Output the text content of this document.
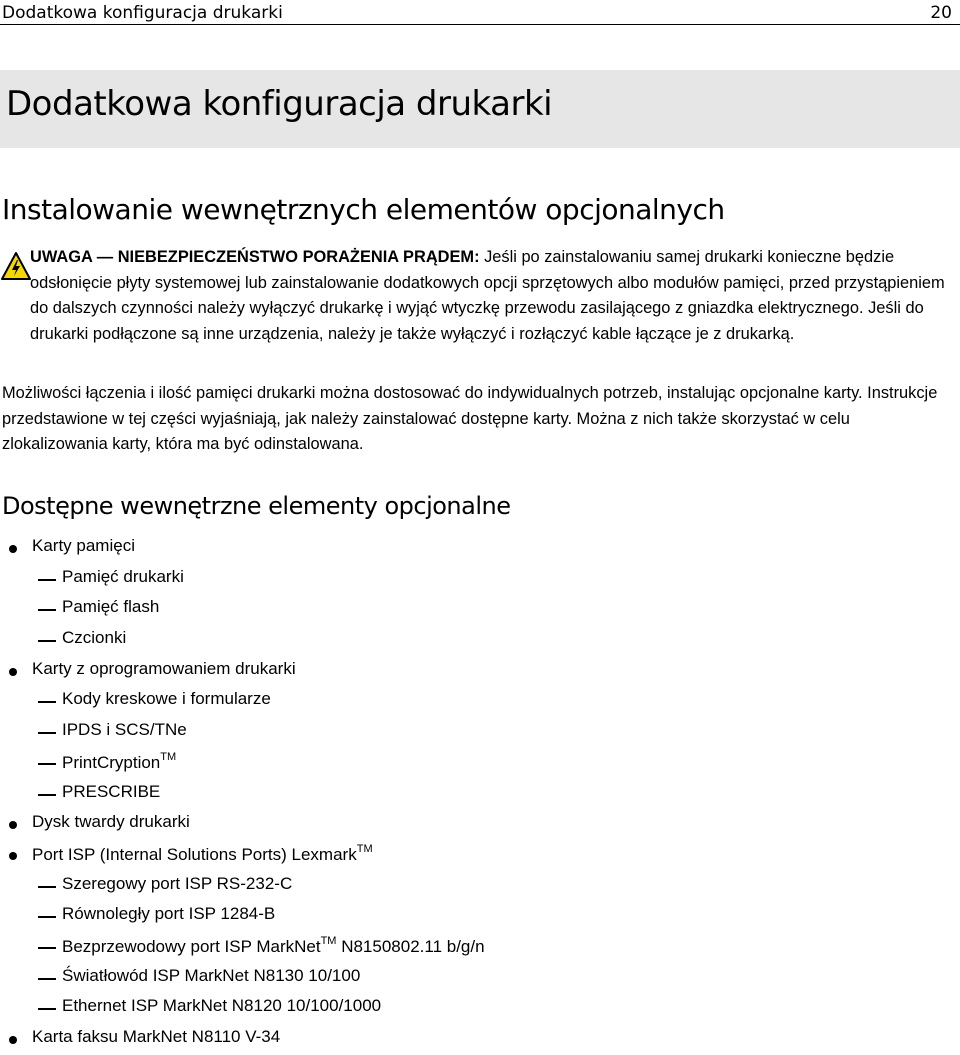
Dodatkowa konfiguracja drukarki	20
Dodatkowa konfiguracja drukarki
Instalowanie wewnętrznych elementów opcjonalnych
UWAGA — NIEBEZPIECZEŃSTWO PORAŻENIA PRĄDEM: Jeśli po zainstalowaniu samej drukarki konieczne będzie odsłonięcie płyty systemowej lub zainstalowanie dodatkowych opcji sprzętowych albo modułów pamięci, przed przystąpieniem do dalszych czynności należy wyłączyć drukarkę i wyjąć wtyczkę przewodu zasilającego z gniazdka elektrycznego. Jeśli do drukarki podłączone są inne urządzenia, należy je także wyłączyć i rozłączyć kable łączące je z drukarką.
Możliwości łączenia i ilość pamięci drukarki można dostosować do indywidualnych potrzeb, instalując opcjonalne karty. Instrukcje przedstawione w tej części wyjaśniają, jak należy zainstalować dostępne karty. Można z nich także skorzystać w celu zlokalizowania karty, która ma być odinstalowana.
Dostępne wewnętrzne elementy opcjonalne
Karty pamięci
Pamięć drukarki
Pamięć flash
Czcionki
Karty z oprogramowaniem drukarki
Kody kreskowe i formularze
IPDS i SCS/TNe
PrintCryption™
PRESCRIBE
Dysk twardy drukarki
Port ISP (Internal Solutions Ports) Lexmark™
Szeregowy port ISP RS-232-C
Równoległy port ISP 1284-B
Bezprzewodowy port ISP MarkNet™ N8150802.11 b/g/n
Światłowód ISP MarkNet N8130 10/100
Ethernet ISP MarkNet N8120 10/100/1000
Karta faksu MarkNet N8110 V-34
